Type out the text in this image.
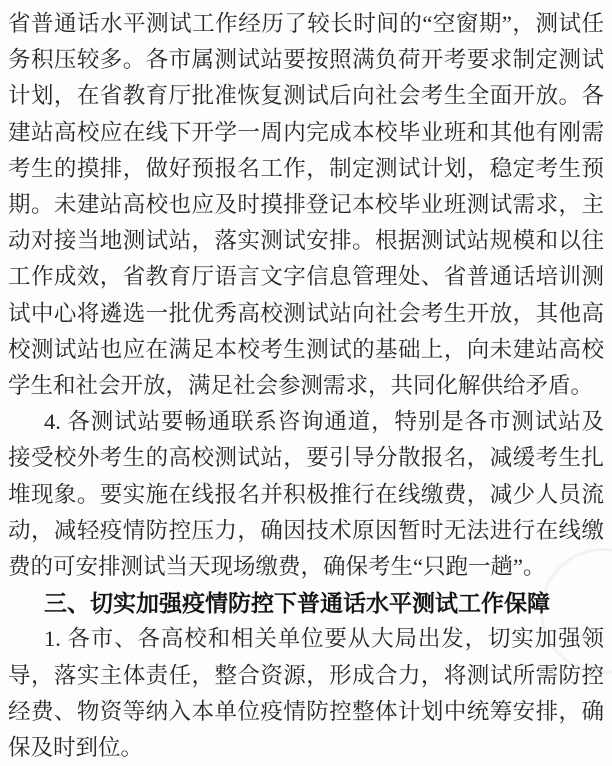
省普通话水平测试工作经历了较长时间的“空窗期”，测试任务积压较多。各市属测试站要按照满负荷开考要求制定测试计划，在省教育厅批准恢复测试后向社会考生全面开放。各建站高校应在线下开学一周内完成本校毕业班和其他有刚需考生的摸排，做好预报名工作，制定测试计划，稳定考生预期。未建站高校也应及时摸排登记本校毕业班测试需求，主动对接当地测试站，落实测试安排。根据测试站规模和以往工作成效，省教育厅语言文字信息管理处、省普通话培训测试中心将遴选一批优秀高校测试站向社会考生开放，其他高校测试站也应在满足本校考生测试的基础上，向未建站高校学生和社会开放，满足社会参测需求，共同化解供给矛盾。

4. 各测试站要畅通联系咨询通道，特别是各市测试站及接受校外考生的高校测试站，要引导分散报名，减缓考生扎堆现象。要实施在线报名并积极推行在线缴费，减少人员流动，减轻疫情防控压力，确因技术原因暂时无法进行在线缴费的可安排测试当天现场缴费，确保考生“只跑一趟”。

三、切实加强疫情防控下普通话水平测试工作保障

1. 各市、各高校和相关单位要从大局出发，切实加强领导，落实主体责任，整合资源，形成合力，将测试所需防控经费、物资等纳入本单位疫情防控整体计划中统筹安排，确保及时到位。
